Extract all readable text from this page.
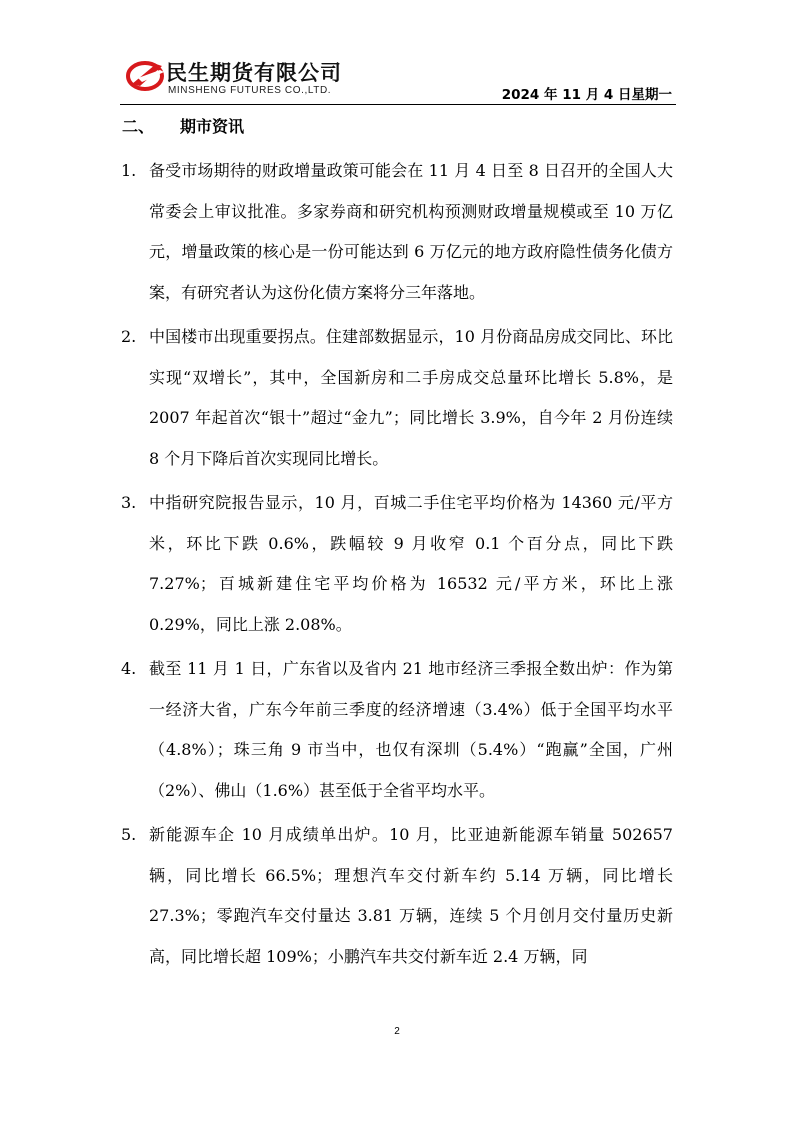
民生期货有限公司
MINSHENG FUTURES CO.,LTD.	2024 年 11 月 4 日星期一
二、 期市资讯
1. 备受市场期待的财政增量政策可能会在 11 月 4 日至 8 日召开的全国人大常委会上审议批准。多家券商和研究机构预测财政增量规模或至 10 万亿元，增量政策的核心是一份可能达到 6 万亿元的地方政府隐性债务化债方案，有研究者认为这份化债方案将分三年落地。
2. 中国楼市出现重要拐点。住建部数据显示，10 月份商品房成交同比、环比实现“双增长”，其中，全国新房和二手房成交总量环比增长 5.8%，是 2007 年起首次“银十”超过“金九”；同比增长 3.9%，自今年 2 月份连续 8 个月下降后首次实现同比增长。
3. 中指研究院报告显示，10 月，百城二手住宅平均价格为 14360 元/平方米，环比下跌 0.6%，跌幅较 9 月收窄 0.1 个百分点，同比下跌 7.27%；百城新建住宅平均价格为 16532 元/平方米，环比上涨 0.29%，同比上涨 2.08%。
4. 截至 11 月 1 日，广东省以及省内 21 地市经济三季报全数出炉：作为第一经济大省，广东今年前三季度的经济增速（3.4%）低于全国平均水平（4.8%）；珠三角 9 市当中，也仅有深圳（5.4%）“跑赢”全国，广州（2%）、佛山（1.6%）甚至低于全省平均水平。
5. 新能源车企 10 月成绩单出炉。10 月，比亚迪新能源车销量 502657 辆，同比增长 66.5%；理想汽车交付新车约 5.14 万辆，同比增长 27.3%；零跑汽车交付量达 3.81 万辆，连续 5 个月创月交付量历史新高，同比增长超 109%；小鹏汽车共交付新车近 2.4 万辆，同
2
